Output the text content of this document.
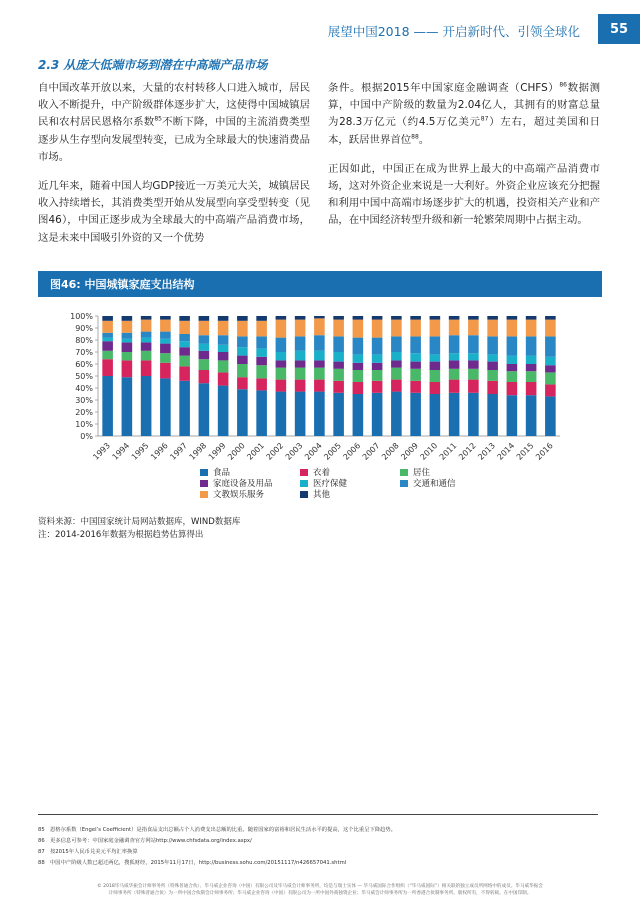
展望中国2018 —— 开启新时代、引领全球化	55
2.3 从庞大低端市场到潜在中高端产品市场

自中国改革开放以来，大量的农村转移人口进入城市，居民收入不断提升，中产阶级群体逐步扩大，这使得中国城镇居民和农村居民恩格尔系数$^{85}$不断下降，中国的主流消费类型逐步从生存型向发展型转变，已成为全球最大的快速消费品市场。

近几年来，随着中国人均GDP接近一万美元大关，城镇居民收入持续增长，其消费类型开始从发展型向享受型转变（见图46），中国正逐步成为全球最大的中高端产品消费市场，这是未来中国吸引外资的又一个优势

条件。根据2015年中国家庭金融调查（CHFS）$^{86}$数据测算，中国中产阶级的数量为2.04亿人，其拥有的财富总量为28.3万亿元（约4.5万亿美元$^{87}$）左右，超过美国和日本，跃居世界首位$^{88}$。

正因如此，中国正在成为世界上最大的中高端产品消费市场，这对外资企业来说是一大利好。外资企业应该充分把握和利用中国中高端市场逐步扩大的机遇，投资相关产业和产品，在中国经济转型升级和新一轮繁荣周期中占据主动。

图46: 中国城镇家庭支出结构
0%
10%
20%
30%
40%
50%
60%
70%
80%
90%
100%
1993
1994
1995
1996
1997
1998
1999
2000
2001
2002
2003
2004
2005
2006
2007
2008
2009
2010
2011
2012
2013
2014
2015
2016
食品	衣着	居住
家庭设备及用品	医疗保健	交通和通信
文教娱乐服务	其他
资料来源：中国国家统计局网站数据库，WIND数据库
注：2014-2016年数据为根据趋势估算得出
85 恩格尔系数（Engel’s Coefficient）是指食品支出总额占个人消费支出总额的比重。随着国家的富裕和居民生活水平的提高，这个比重呈下降趋势。
86 更多信息可参考：中国家庭金融调查官方网站http://www.chfsdata.org/index.aspx/
87 按2015年人民币兑美元平均汇率换算
88 中国中产阶级人数已超过两亿，搜狐财经，2015年11月17日，http://business.sohu.com/20151117/n426657041.shtml
© 2018毕马威华振会计师事务所（特殊普通合伙）、毕马威企业咨询（中国）有限公司及毕马威会计师事务所，均是与瑞士实体 — 毕马威国际合作组织（“毕马威国际”）相关联的独立成员所网络中的成员。毕马威华振会
计师事务所（特殊普通合伙）为一所中国合伙制会计师事务所；毕马威企业咨询（中国）有限公司为一所中国外商独资企业；毕马威会计师事务所为一所香港合伙制事务所。版权所有，不得转载。在中国印制。
